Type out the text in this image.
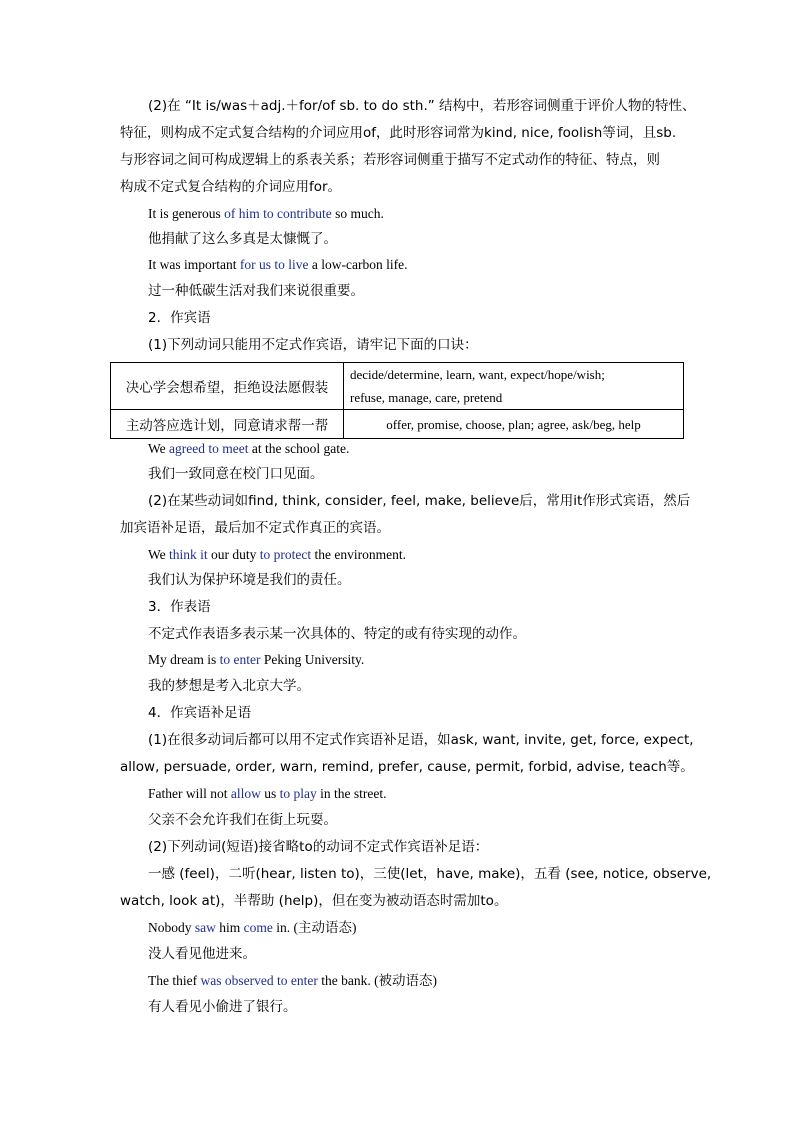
(2)在 “It is/was＋adj.＋for/of sb. to do sth.” 结构中，若形容词侧重于评价人物的特性、
特征，则构成不定式复合结构的介词应用of，此时形容词常为kind, nice, foolish等词，且sb.
与形容词之间可构成逻辑上的系表关系；若形容词侧重于描写不定式动作的特征、特点，则
构成不定式复合结构的介词应用for。
It is generous of him to contribute so much.
他捐献了这么多真是太慷慨了。
It was important for us to live a low-carbon life.
过一种低碳生活对我们来说很重要。
2．作宾语
(1)下列动词只能用不定式作宾语，请牢记下面的口诀：
决心学会想希望，拒绝设法愿假装	decide/determine, learn, want, expect/hope/wish;
refuse, manage, care, pretend

主动答应选计划，同意请求帮一帮	offer, promise, choose, plan; agree, ask/beg, help
We agreed to meet at the school gate.
我们一致同意在校门口见面。
(2)在某些动词如find, think, consider, feel, make, believe后，常用it作形式宾语，然后
加宾语补足语，最后加不定式作真正的宾语。
We think it our duty to protect the environment.
我们认为保护环境是我们的责任。
3．作表语
不定式作表语多表示某一次具体的、特定的或有待实现的动作。
My dream is to enter Peking University.
我的梦想是考入北京大学。
4．作宾语补足语
(1)在很多动词后都可以用不定式作宾语补足语，如ask, want, invite, get, force, expect,
allow, persuade, order, warn, remind, prefer, cause, permit, forbid, advise, teach等。
Father will not allow us to play in the street.
父亲不会允许我们在街上玩耍。
(2)下列动词(短语)接省略to的动词不定式作宾语补足语：
一感 (feel)，二听(hear, listen to)，三使(let，have, make)，五看 (see, notice, observe,
watch, look at)，半帮助 (help)，但在变为被动语态时需加to。
Nobody saw him come in. (主动语态)
没人看见他进来。
The thief was observed to enter the bank. (被动语态)
有人看见小偷进了银行。
